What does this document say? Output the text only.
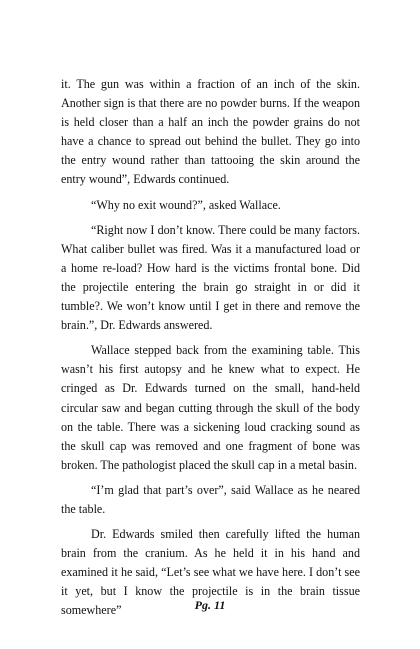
it. The gun was within a fraction of an inch of the skin. Another sign is that there are no powder burns. If the weapon is held closer than a half an inch the powder grains do not have a chance to spread out behind the bullet. They go into the entry wound rather than tattooing the skin around the entry wound”, Edwards continued.

“Why no exit wound?”, asked Wallace.

“Right now I don’t know. There could be many factors. What caliber bullet was fired. Was it a manufactured load or a home re-load? How hard is the victims frontal bone. Did the projectile entering the brain go straight in or did it tumble?. We won’t know until I get in there and remove the brain.”, Dr. Edwards answered.

Wallace stepped back from the examining table. This wasn’t his first autopsy and he knew what to expect. He cringed as Dr. Edwards turned on the small, hand-held circular saw and began cutting through the skull of the body on the table. There was a sickening loud cracking sound as the skull cap was removed and one fragment of bone was broken. The pathologist placed the skull cap in a metal basin.

“I’m glad that part’s over”, said Wallace as he neared the table.

Dr. Edwards smiled then carefully lifted the human brain from the cranium. As he held it in his hand and examined it he said, “Let’s see what we have here. I don’t see it yet, but I know the projectile is in the brain tissue somewhere”	Pg. 11
